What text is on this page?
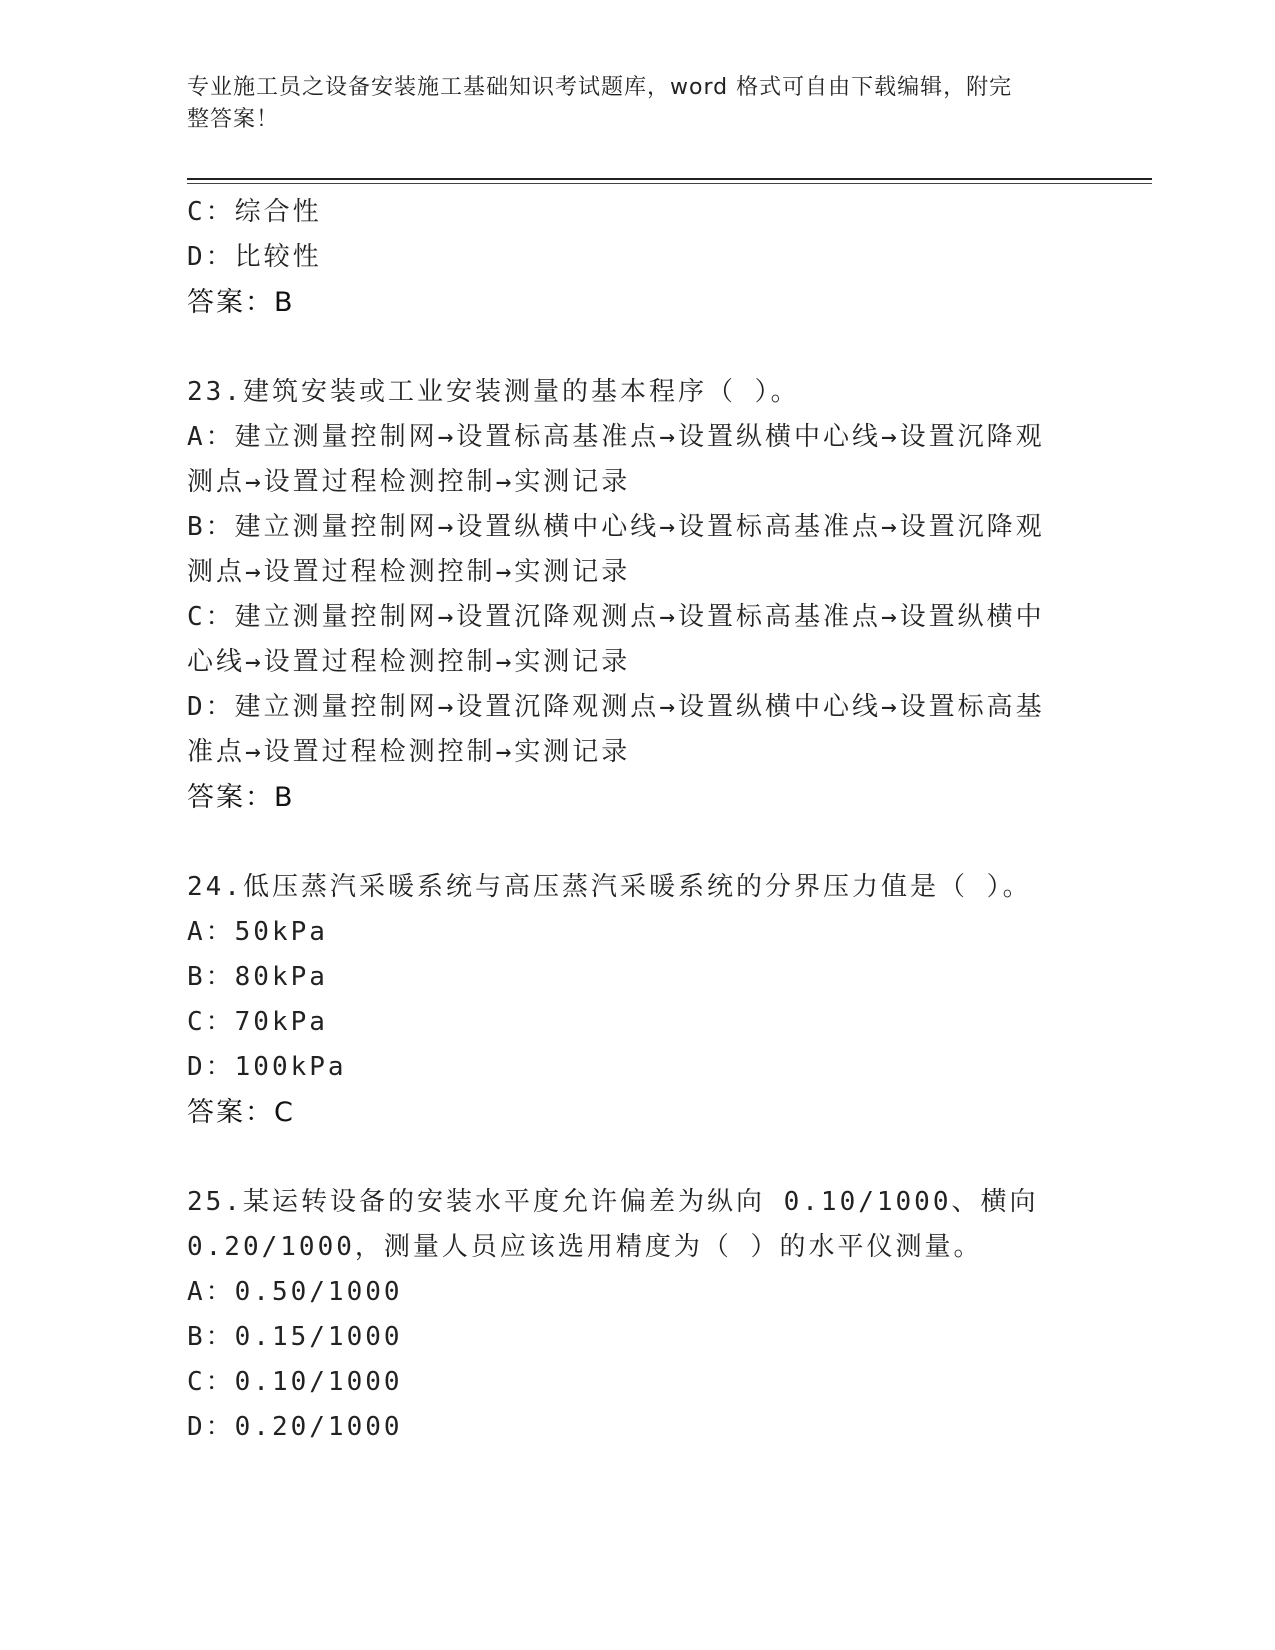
专业施工员之设备安装施工基础知识考试题库，word 格式可自由下载编辑，附完
整答案！
C：综合性
D：比较性
答案：B
23.建筑安装或工业安装测量的基本程序（ ）。
A：建立测量控制网→设置标高基准点→设置纵横中心线→设置沉降观
测点→设置过程检测控制→实测记录
B：建立测量控制网→设置纵横中心线→设置标高基准点→设置沉降观
测点→设置过程检测控制→实测记录
C：建立测量控制网→设置沉降观测点→设置标高基准点→设置纵横中
心线→设置过程检测控制→实测记录
D：建立测量控制网→设置沉降观测点→设置纵横中心线→设置标高基
准点→设置过程检测控制→实测记录
答案：B
24.低压蒸汽采暖系统与高压蒸汽采暖系统的分界压力值是（ ）。
A：50kPa
B：80kPa
C：70kPa
D：100kPa
答案：C
25.某运转设备的安装水平度允许偏差为纵向 0.10/1000、横向
0.20/1000，测量人员应该选用精度为（ ）的水平仪测量。
A：0.50/1000
B：0.15/1000
C：0.10/1000
D：0.20/1000
